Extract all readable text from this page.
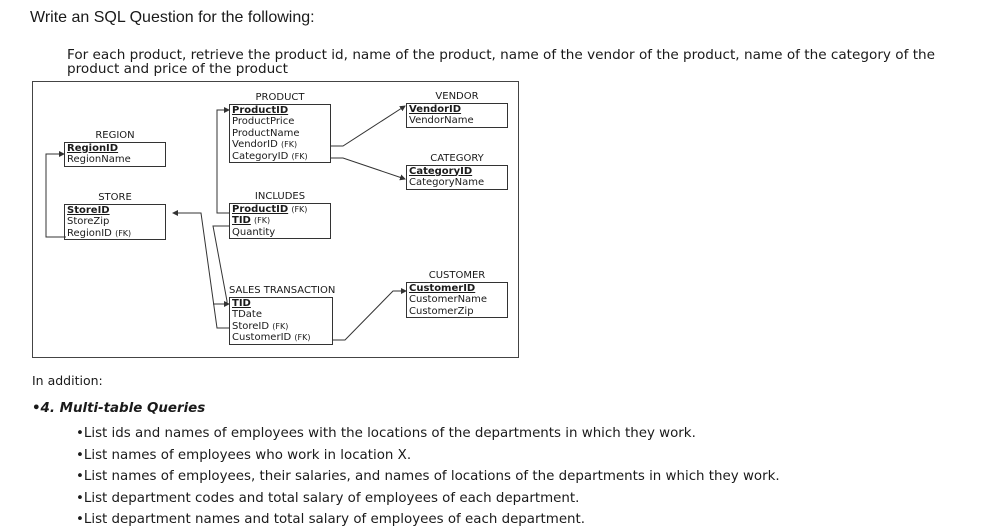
Write an SQL Question for the following:
For each product, retrieve the product id, name of the product, name of the vendor of the product, name of the category of the product and price of the product
PRODUCT
ProductID
ProductPrice
ProductName
VendorID (FK)
CategoryID (FK)
VENDOR
VendorID
VendorName
REGION
RegionID
RegionName	CATEGORY
CategoryID
CategoryName
STORE
StoreID
StoreZip
RegionID (FK)
INCLUDES
ProductID (FK)
TID (FK)
Quantity
CUSTOMER
CustomerID
CustomerName
CustomerZip
SALES TRANSACTION
TID
TDate
StoreID (FK)
CustomerID (FK)
In addition:
•4. Multi-table Queries
•List ids and names of employees with the locations of the departments in which they work.
•List names of employees who work in location X.
•List names of employees, their salaries, and names of locations of the departments in which they work.
•List department codes and total salary of employees of each department.
•List department names and total salary of employees of each department.
